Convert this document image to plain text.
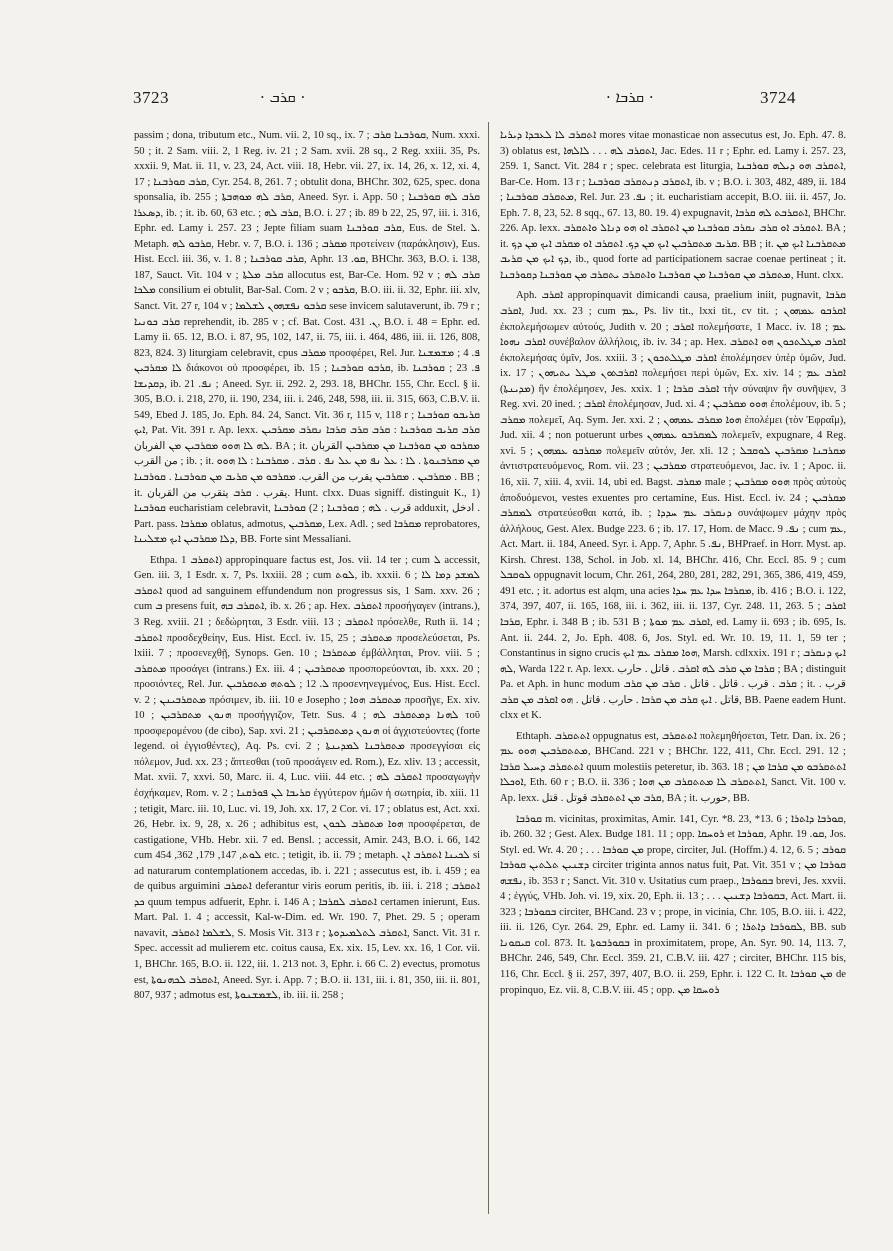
3723	· ܩܪܒ ·	· ܩܪܒܐ ·	3724

passim ; dona, tributum etc., Num. vii. 2, 10 sq., ix. 7 ; ܩܘܪܒܢܐ ܩܪܒ, Num. xxxi. 50 ; it. 2 Sam. viii. 2, 1 Reg. iv. 21 ; 2 Sam. xvii. 28 sq., 2 Reg. xxiii. 35, Ps. xxxii. 9, Mat. ii. 11, v. 23, 24, Act. viii. 18, Hebr. vii. 27, ix. 14, 26, x. 12, xi. 4, 17 ; ܩܪܒ ܩܘܪܒܢܐ, Cyr. 254. 8, 261. 7 ; obtulit dona, BHChr. 302, 625, spec. dona sponsalia, ib. 255 ; ܩܪܒ ܠܗ ܡܘܗܒܬܐ, Aneed. Syr. i. App. 50 ; ܩܪܒ ܠܗ ܩܘܪܒܢܐ ܕܣܥܪܐ, ib. ; it. ib. 60, 63 etc. ; ܩܪܒ ܠܗ, B.O. i. 27 ; ib. 89 b 22, 25, 97, iii. i. 316, Ephr. ed. Lamy i. 257. 23 ; Jepte filiam suam ܩܪܒ ܩܘܪܒܢܐ, Eus. de Stel. ܠ. Metaph. ܩܪܒܘ ܠܗ, Hebr. v. 7, B.O. i. 136 ; ܡܩܪܒ προτείνειν (παράκλησιν), Eus. Hist. Eccl. iii. 36, v. 1. 8 ; ܩܪܒ ܩܘܪܒܢܐ, Aphr. ܩܘ. 13, BHChr. 363, B.O. i. 138, 187, Sauct. Vit. 104 v ; ܩܪܒ ܡܠܬܐ allocutus est, Bar-Ce. Hom. 92 v ; ܩܪܒ ܠܗ ܡܠܟܐ consilium ei obtulit, Bar-Sal. Com. 2 v ; ܩܪܒܘ, B.O. iii. ii. 32, Ephr. iii. xlv, Sanct. Vit. 27 r, 104 v ; ܩܪܒܘ ܢܦܫܗܘܢ ܠܫܠܡܐ sese invicem salutaverunt, ib. 79 r ; ܩܪܒ ܟܘܢܝܐ reprehendit, ib. 285 v ; cf. Bat. Cost. ܢ. 431, B.O. i. 48 = Ephr. ed. Lamy ii. 65. 12, B.O. i. 87, 95, 102, 147, ii. 75, iii. i. 464, 486, iii. ii. 126, 808, 823, 824. 3) liturgiam celebravit, cpus ܡܩܪܒ προσφέρει, Rel. Jur. ܦ. 4 ; ܡܫܡܫܢܐ ܠܐ ܡܩܪܒܝܢ διάκονοι οὐ προσφέρει, ib. 15 ; ܩܪܒܘ ܩܘܪܒܢܐ, ib. ܦ. 23 ; ܩܘܪܒܢܐ ܕܩܕܝܫܐ, ib. ܢܦ. 21 ; Aneed. Syr. ii. 292. 2, 293. 18, BHChr. 155, Chr. Eccl. § ii. 305, B.O. i. 218, 270, ii. 190, 234, iii. i. 246, 248, 598, iii. ii. 315, 663, C.B.V. ii. 549, Ebed J. 185, Jo. Eph. 84. 24, Sanct. Vit. 36 r, 115 v, 118 r ; ܩܪܝܒܘ ܩܘܪܒܢܐ ܐܝܟ, Pat. Vit. 391 r. Ap. lexx. ܩܪܒ ܩܪܝܒ ܩܘܪܒܢܐ : ܩܪܒ ܩܪܒ ܩܪܒܐ ܢܩܪܒ ܡܩܪܒܝܢ ܠܗ ܠܐ ܗܘܘ ܡܩܪܒܝܢ ܡܢ الفربان. BA ; it. ܡܩܪܒܘ ܡܢ ܩܘܪܒܢܐ ܡܢ ܡܩܪܒܝܢ القربان من القرب ; ib. ; it. ܡܢ ܡܩܪܒܢܘܬܐ . ܠܐ : ܥܠ ܢܦ ܡܢ ܥܠ ܢܦ . ܩܪܒ . ܡܩܪܒܢܐ : ܠܐ ܗܘܘ ܡܩܪܒܝܢ . ܡܩܪܒܝܢ يقرب من القرب. ܡܩܪܒܘ ܡܢ ܩܪܝܒ ܡܢ ܩܘܪܒܢܐ . ܩܘܪܒܢܐ . BB ; it. يقرب . ܩܪܒ يتقرب من القربان. Hunt. clxx. Duas signiff. distinguit K., 1) ܩܘܪܒܢܐ eucharistiam celebravit, قرب . ܠܗ ; ܩܘܪܒܢܐ ; 2) ܩܘܪܒܢܐ adduxit, ادخل . Part. pass. ܡܩܪܒܐ oblatus, admotus, ܡܩܪܒܝܢ, Lex. Adl. ; sed ܡܩܪܒܐ reprobatores, ܕܠܐ ܡܩܪܒܝܢ ܐܝܟ ܡܫܠܝܢܐ, BB. Forte sint Messaliani.

Ethpa. ܐܬܩܪܒ 1) appropinquare factus est, Jos. vii. 14 ter ; cum ܠ accessit, Gen. iii. 3, 1 Esdr. x. 7, Ps. lxxiii. 28 ; cum ܠܘܬ, ib. xxxii. 6 ; ܠܡܫܕ ܕܡܐ ܠܐ ܐܬܩܪܒ quod ad sanguinem effundendum non progressus sis, 1 Sam. xxv. 26 ; cum ܒ presens fuit, ܐܬܩܪܒ ܒܗ, ib. x. 26 ; ap. Hex. ܐܬܩܪܒ προσήγαγεν (intrans.), 3 Reg. xviii. 21 ; δεδώρηται, 3 Esdr. viii. 13 ; ܐܬܩܪܒ πρόσελθε, Ruth ii. 14 ; ܐܬܩܪܒ προσδεχθείην, Eus. Hist. Eccl. iv. 15, 25 ; ܡܬܩܪܒ προσελεύσεται, Ps. lxiii. 7 ; προσενεχθῇ, Synops. Gen. 10 ; ܡܬܩܪܒܐ ἐμβάλληται, Prov. viii. 5 ; ܡܬܩܪܒ προσάγει (intrans.) Ex. iii. 4 ; ܡܬܩܪܒܝܢ προσπορεύονται, ib. xxx. 20 ; προσιόντες, Rel. Jur. ܠ. 12 ; ܠܘܬܗ ܡܬܩܪܒܝܢ προσενηνεγμένος, Eus. Hist. Eccl. v. 2 ; ܡܬܩܪܒܝܢܢ πρόσιμεν, ib. iii. 10 e Josepho ; ܡܬܩܪܒ ܗܘܐ προσῆγε, Ex. xiv. 10 ; ܗܢܘܢ ܡܬܩܪܒܝܢ προσήγγιζον, Tetr. Sus. 4 ; ܠܗܢܐ ܕܡܬܩܪܒ ܠܗ τοῦ προσφερομένου (de cibo), Sap. xvi. 21 ; ܗܢܘܢ ܕܡܬܩܪܒܝܢ οἱ ἀγχιστεύοντες (forte legend. οἱ ἐγγισθέντες), Aq. Ps. cvi. 2 ; ܡܬܩܪܒܢܐ ܠܡܕܝܢܬܐ προσεγγίσαι εἰς πόλεμον, Jud. xx. 23 ; ἅπτεσθαι (τοῦ προσάγειν ed. Rom.), Ez. xliv. 13 ; accessit, Mat. xvii. 7, xxvi. 50, Marc. ii. 4, Luc. viii. 44 etc. ; ܐܬܩܪܒ ܠܗ προσαγωγὴν ἐσχήκαμεν, Rom. v. 2 ; ܩܪܝܒܐ ܠܢ ܦܘܪܩܢܐ ἐγγύτερον ἡμῶν ἡ σωτηρία, ib. xiii. 11 ; tetigit, Marc. iii. 10, Luc. vi. 19, Joh. xx. 17, 2 Cor. vi. 17 ; oblatus est, Act. xxi. 26, Hebr. ix. 9, 28, x. 26 ; adhibitus est, ܗܘܐ ܡܬܩܪܒ ܠܟܘܢ προσφέρεται, de castigatione, VHb. Hebr. xii. 7 ed. Bensl. ; accessit, Amir. 243, B.O. i. 66, 142 cum ܠܘܬ, 147, 179, 362, 454 etc. ; tetigit, ib. ii. 79 ; metaph. ܠܟܝܢܐ ܐܬܩܪܒ ܐܢ si ad naturarum contemplationem accedas, ib. i. 221 ; assecutus est, ib. i. 459 ; ea de quibus arguimini ܐܬܩܪܒ deferantur viris eorum peritis, ib. iii. i. 218 ; ܐܬܩܪܒ ܟܕ quum tempus adfuerit, Ephr. i. 146 A ; ܐܬܩܪܒ ܠܩܪܒܐ certamen inierunt, Eus. Mart. Pal. 1. 4 ; accessit, Kal-w-Dim. ed. Wr. 190. 7, Phet. 29. 5 ; operam navavit, ܠܫܠܡܐ ܐܬܩܪܒ, S. Mosis Vit. 313 r ; ܐܬܩܪܒ ܠܬܠܡܝܕܘܬܐ, Sanct. Vit. 31 r. Spec. accessit ad mulierem etc. coitus causa, Ex. xix. 15, Lev. xx. 16, 1 Cor. vii. 1, BHChr. 165, B.O. ii. 122, iii. 1. 213 not. 3, Ephr. i. 66 C. 2) evectus, promotus est, ܐܬܩܪܒ ܠܟܗܢܘܬܐ, Aneed. Syr. i. App. 7 ; B.O. ii. 131, iii. i. 81, 350, iii. ii. 801, 807, 937 ; admotus est, ܠܫܡܫܢܘܬܐ, ib. iii. ii. 258 ;

ܐܬܩܪܒ ܠܐ ܠܥܒܕܐ ܕܝܪܝܐ mores vitae monasticae non assecutus est, Jo. Eph. 47. 8. 3) oblatus est, ܐܬܩܪܒ ܠܗ . . . ܠܐܠܗܐ, Jac. Edes. 11 r ; Ephr. ed. Lamy i. 257. 23, 259. 1, Sanct. Vit. 284 r ; spec. celebrata est liturgia, ܐܬܩܪܒ ܗܘ ܕܝܠܗ ܩܘܪܒܢܐ, Bar-Ce. Hom. 13 r ; ܐܬܩܪܒ ܕܢܬܩܪܒ ܩܘܪܒܢܐ, ib. v ; B.O. i. 303, 482, 489, ii. 184 ; ܡܬܩܪܒ ܩܘܪܒܢܐ, Rel. Jur. ܢܦ. 23 ; it. eucharistiam accepit, B.O. iii. ii. 457, Jo. Eph. 7. 8, 23, 52. 8 sqq., 67. 13, 80. 19. 4) expugnavit, ܐܬܩܪܒܬ ܠܗ ܩܪܒܐ, BHChr. 226. Ap. lexx. ܐܬܩܪܒ ܐܘ ܩܪܒ ܢܩܪܒ ܩܘܪܒܢܐ ܡܢ ܐܬܩܪܒ ܐܘ ܗܘ ܕܢܐܠ ܘܐܬܩܪܒ. BA ; it. ܩܪܝܒ ܡܬܩܪܒܝܢ ܐܝܟ ܡܢ ܕܟ. ܐܬܩܪܒ ܐܘ ܡܩܪܒ ܐܝܟ ܡܢ ܕܟ. BB ; it. ܡܬܩܪܒܢܐ ܐܝܟ ܡܢ ܕܟ ܐܝܟ ܡܢ ܩܪܝܒ, ib., quod forte ad participationem sacrae coenae pertineat ; it. ܡܬܩܪܒ ܡܢ ܩܘܪܒܢܐ ܡܢ ܩܘܪܒܢܐ ܘܐܬܩܪܒ ܝܬܩܪܒ ܡܢ ܩܘܪܒܢܐ ܕܩܘܪܒܢܐ, Hunt. clxx.

Aph. ܐܩܪܒ appropinquavit dimicandi causa, praelium iniit, pugnavit, ܩܪܒܐ ܐܩܪܒ, Jud. xx. 23 ; cum ܥܡ, Ps. liv tit., lxxi tit., cv tit. ; ܐܩܪܒܘ ܥܡܗܘܢ ἐκπολεμήσωμεν αὐτούς, Judith v. 20 ; ܐܩܪܒ πολεμήσατε, 1 Macc. iv. 18 ; ܥܡ ܐܩܪܒ ܢܗܘܐ συνέβαλον ἀλλήλοις, ib. iv. 34 ; ap. Hex. ܐܩܪܒ ܡܛܠܬܟܘܢ ܗܘ ܐܬܩܪܒ ἐκπολεμήσας ὑμῖν, Jos. xxiii. 3 ; ܐܩܪܒ ܡܛܠܬܟܘܢ ἐπολέμησεν ὑπὲρ ὑμῶν, Jud. ix. 17 ; ܐܩܪܒܬܘܢ ܡܛܠ ܝܬܝܗܘܢ πολεμήσει περὶ ὑμῶν, Ex. xiv. 14 ; ܐܩܪܒ ܥܡ (ܡܕܝܢܬܐ) ἣν ἐπολέμησεν, Jes. xxix. 1 ; ܐܩܪܒ ܩܪܒܐ τὴν σύναψιν ἣν συνῆψεν, 3 Reg. xvi. 20 ined. ; ܐܩܪܒ ἐπολέμησαν, Jud. xi. 4 ; ܗܘܘ ܡܩܪܒܝܢ ἐπολέμουν, ib. 5 ; ܡܩܪܒ πολεμεῖ, Aq. Sym. Jer. xxi. 2 ; ܗܘܐ ܡܩܪܒ ܥܡܗܘܢ ἐπολέμει (τὸν Ἐφραΐμ), Jud. xii. 4 ; non potuerunt urbes ܠܡܩܪܒܘ ܥܡܗܘܢ πολεμεῖν, expugnare, 4 Reg. xvi. 5 ; ܡܩܪܒܘ ܥܡܗܘܢ πολεμεῖν αὐτόν, Jer. xli. 12 ; ܡܩܪܒܢܐ ܡܩܪܒܝܢ ܠܘܩܒܠ ἀντιστρατευόμενος, Rom. vii. 23 ; ܡܩܪܒܝܢ στρατευόμενοι, Jac. iv. 1 ; Apoc. ii. 16, xii. 7, xiii. 4, xvii. 14, ubi ed. Bagst. ܡܩܪܒ male ; ܗܘܘ ܡܩܪܒܝܢ πρὸς αὐτοὺς ἀποδυόμενοι, vestes exuentes pro certamine, Eus. Hist. Eccl. iv. 24 ; ܡܩܪܒܝܢ ܠܡܩܪܒ στρατεύεσθαι κατά, ib. ; ܕܢܩܪܒ ܥܡ ܚܕܕܐ συνάψωμεν μάχην πρὸς ἀλλήλους, Gest. Alex. Budge 223. 6 ; ib. 17. 17, Hom. de Macc. ܢܦ. 9 ; cum ܥܡ, Act. Mart. ii. 184, Aneed. Syr. i. App. 7, Aphr. ܢܦ. 5, BHPraef. in Horr. Myst. ap. Kirsh. Chrest. 138, Schol. in Job. xl. 14, BHChr. 416, Chr. Eccl. 85. 9 ; cum ܠܘܩܒܠ oppugnavit locum, Chr. 261, 264, 280, 281, 282, 291, 365, 386, 419, 459, 491 etc. ; it. adortus est alqm, una acies ܡܩܪܒܐ ܚܕܐ ܥܡ ܚܕܐ, ib. 416 ; B.O. i. 122, 374, 397, 407, ii. 165, 168, iii. i. 362, iii. ii. 137, Cyr. 248. 11, 263. 5 ; ܐܩܪܒ ܩܪܒܐ, Ephr. i. 348 B ; ib. 531 B ; ܐܩܪܒ ܥܡ ܡܘܬܐ, ed. Lamy ii. 693 ; ib. 695, Is. Ant. ii. 244. 2, Jo. Eph. 408. 6, Jos. Styl. ed. Wr. 10. 19, 11. 1, 59 ter ; Constantinus in signo crucis ܗܘܐ ܡܩܪܒ ܥܡ ܐܝܟ, Marsh. cdlxxix. 191 r ; ܐܝܟ ܕܢܩܪܒ ܠܗ, Warda 122 r. Ap. lexx. ܩܪܒܐ ܡܢ ܩܪܒ ܠܗ ܐܩܪܒ . قاتل . حارب ; BA ; distinguit Pa. et Aph. in hunc modum ܩܪܒ . قرب . قاتل . قاتل . ܩܪܒ ܡܢ ܩܪܒ ; it. قرب . قاتل . ܐܝܟ ܩܪܒ ܡܢ ܩܪܒܐ . حارب . قاتل . ܗܘ ܐܩܪܒ ܡܢ ܩܪܒ, BB. Paene eadem Hunt. clxx et K.

Ethtaph. ܐܬܬܩܪܒ oppugnatus est, ܐܬܬܩܪܒ πολεμηθήσεται, Tetr. Dan. ix. 26 ; ܡܬܬܩܪܒܝܢ ܗܘܘ ܥܡ, BHCand. 221 v ; BHChr. 122, 411, Chr. Eccl. 291. 12 ; ܐܬܬܩܪܒ ܕܚܝܠ ܩܪܒܐ quum molestiis peteretur, ib. 363. 18 ; ܐܬܬܩܪܒܘ ܡܢ ܩܪܒܐ ܡܢ ܐܘܟܠܐ, Eth. 60 r ; B.O. ii. 336 ; ܐܬܬܩܪܒ ܠܐ ܡܬܬܩܪܒ ܡܢ ܗܘܐ, Sanct. Vit. 100 v. Ap. lexx. ܩܪܒ ܡܢ ܐܬܬܩܪܒ قوتل . قتل, BA ; it. حورب, BB.

ܩܘܪܒܐ m. vicinitas, proximitas, Amir. 141, Cyr. *8. 23, *13. 6 ; ܩܘܪܒܐ ܕܐܬܪܐ, ib. 260. 32 ; Gest. Alex. Budge 181. 11 ; opp. ܪܘܚܩܐ et ܩܘܪܒܐ, Aphr. ܩܘ. 19, Jos. Styl. ed. Wr. 4. 20 ; . . . ܡܢ ܩܘܪܒܐ prope, circiter, Jul. (Hoffm.) 4. 12, 6. 5 ; ܩܘܪܒ ܕܫܢܝܢ ܬܠܬܝܢ ܩܘܪܒܐ circiter triginta annos natus fuit, Pat. Vit. 351 v ; ܩܘܪܒܐ ܡܢ ܢܦܫܗ, ib. 353 r ; Sanct. Vit. 310 v. Usitatius cum praep., ܒܩܘܪܒܐ brevi, Jes. xxvii. 4 ; ἐγγύς, VHb. Joh. vi. 19, xix. 20, Eph. ii. 13 ; . . . ܒܩܘܪܒܐ ܕܫܢܝܢ, Act. Mart. ii. 323 ; ܒܩܘܪܒܐ circiter, BHCand. 23 v ; prope, in vicinia, Chr. 105, B.O. iii. i. 422, iii. ii. 126, Cyr. 264. 29, Ephr. ed. Lamy ii. 341. 6 ; ܠܩܘܪܒܐ ܕܐܬܪܐ, BB. sub ܩܝܩܘܢܐ col. 873. It. ܒܩܘܪܒܘܬܐ in proximitatem, prope, An. Syr. 90. 14, 113. 7, BHChr. 246, 549, Chr. Eccl. 359. 21, C.B.V. iii. 427 ; circiter, BHChr. 115 bis, 116, Chr. Eccl. § ii. 257, 397, 407, B.O. ii. 259, Ephr. i. 122 C. It. ܡܢ ܩܘܪܒܐ de propinquo, Ez. vii. 8, C.B.V. iii. 45 ; opp. ܪܘܚܩܐ ܡܢ
